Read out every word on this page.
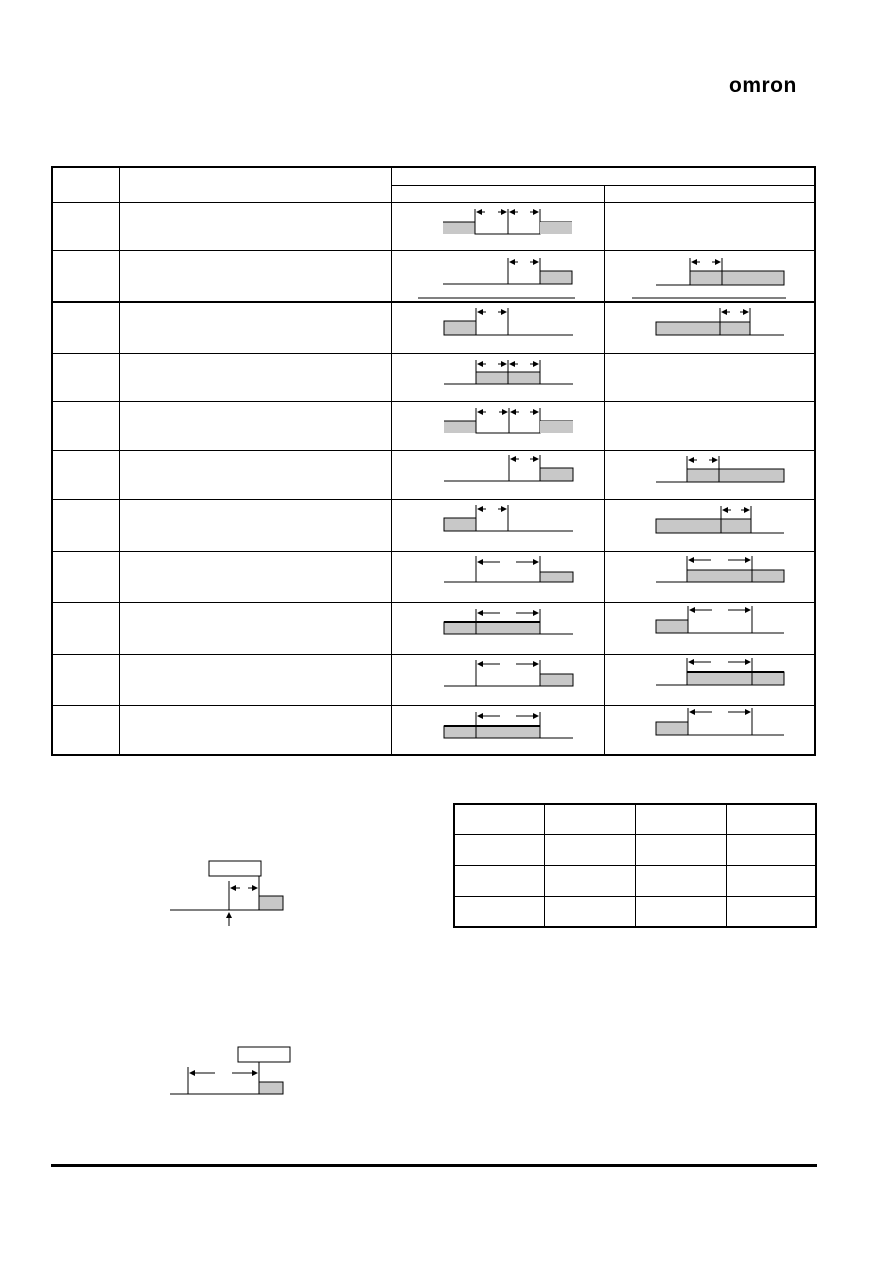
omron
